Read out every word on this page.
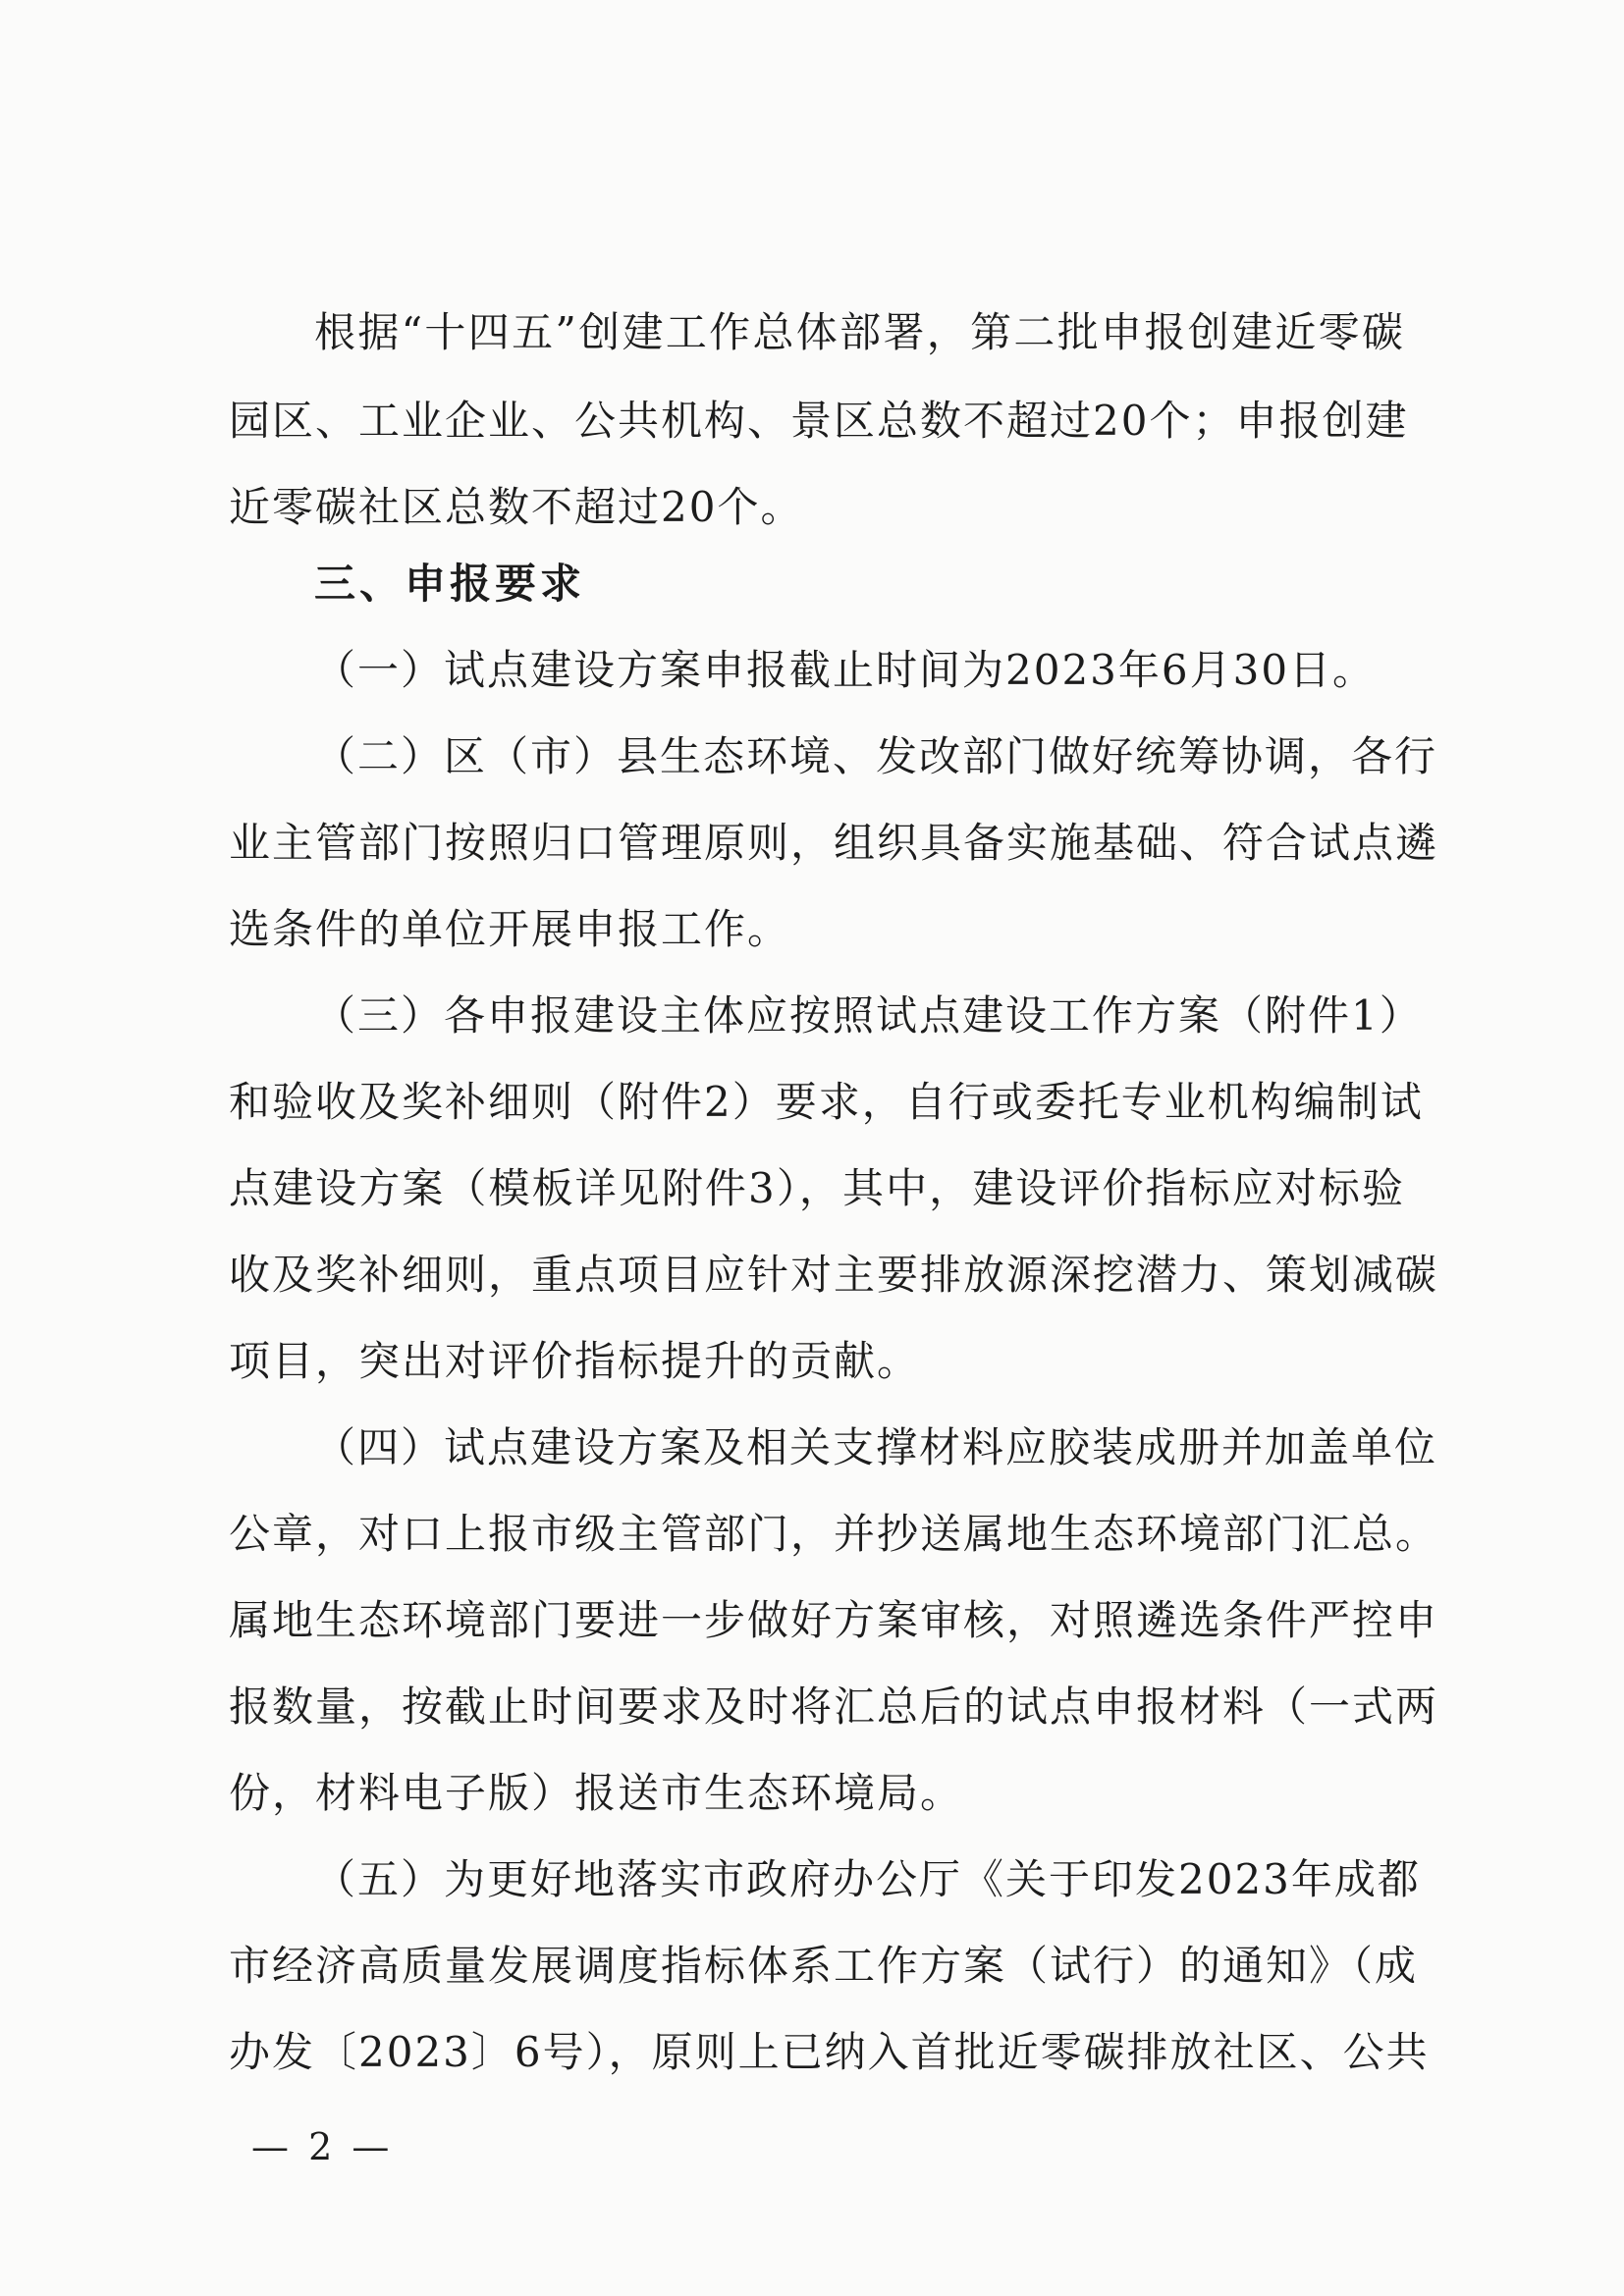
根据“十四五”创建工作总体部署，第二批申报创建近零碳
园区、工业企业、公共机构、景区总数不超过20个；申报创建
近零碳社区总数不超过20个。
三、申报要求
（一）试点建设方案申报截止时间为2023年6月30日。
（二）区（市）县生态环境、发改部门做好统筹协调，各行
业主管部门按照归口管理原则，组织具备实施基础、符合试点遴
选条件的单位开展申报工作。
（三）各申报建设主体应按照试点建设工作方案（附件1）
和验收及奖补细则（附件2）要求，自行或委托专业机构编制试
点建设方案（模板详见附件3），其中，建设评价指标应对标验
收及奖补细则，重点项目应针对主要排放源深挖潜力、策划减碳
项目，突出对评价指标提升的贡献。
（四）试点建设方案及相关支撑材料应胶装成册并加盖单位
公章，对口上报市级主管部门，并抄送属地生态环境部门汇总。
属地生态环境部门要进一步做好方案审核，对照遴选条件严控申
报数量，按截止时间要求及时将汇总后的试点申报材料（一式两
份，材料电子版）报送市生态环境局。
（五）为更好地落实市政府办公厅《关于印发2023年成都
市经济高质量发展调度指标体系工作方案（试行）的通知》（成
办发〔2023〕6号），原则上已纳入首批近零碳排放社区、公共
— 2 —
